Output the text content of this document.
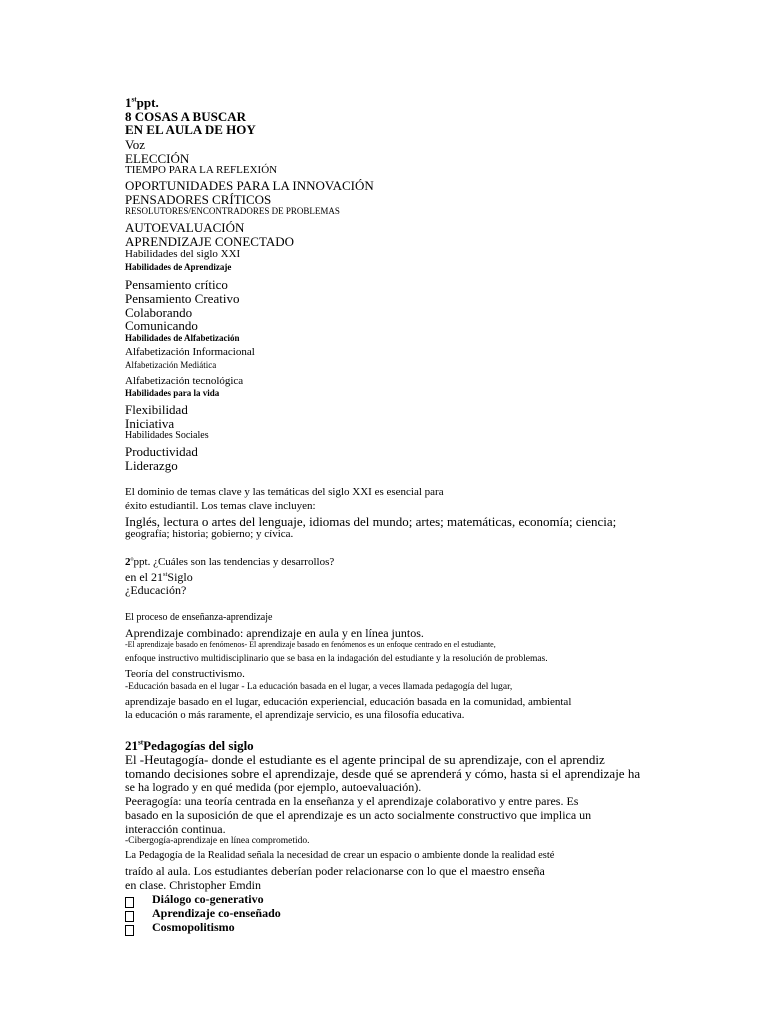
1stppt.
8 COSAS A BUSCAR
EN EL AULA DE HOY
Voz
ELECCIÓN
TIEMPO PARA LA REFLEXIÓN
OPORTUNIDADES PARA LA INNOVACIÓN
PENSADORES CRÍTICOS
RESOLUTORES/ENCONTRADORES DE PROBLEMAS
AUTOEVALUACIÓN
APRENDIZAJE CONECTADO
Habilidades del siglo XXI
Habilidades de Aprendizaje
Pensamiento crítico
Pensamiento Creativo
Colaborando
Comunicando
Habilidades de Alfabetización
Alfabetización Informacional
Alfabetización Mediática
Alfabetización tecnológica
Habilidades para la vida
Flexibilidad
Iniciativa
Habilidades Sociales
Productividad
Liderazgo
El dominio de temas clave y las temáticas del siglo XXI es esencial para
éxito estudiantil. Los temas clave incluyen:
Inglés, lectura o artes del lenguaje, idiomas del mundo; artes; matemáticas, economía; ciencia;
geografía; historia; gobierno; y cívica.
2$^o$ppt. ¿Cuáles son las tendencias y desarrollos?
en el 21stSiglo
¿Educación?
El proceso de enseñanza-aprendizaje
Aprendizaje combinado: aprendizaje en aula y en línea juntos.
-El aprendizaje basado en fenómenos- El aprendizaje basado en fenómenos es un enfoque centrado en el estudiante,
enfoque instructivo multidisciplinario que se basa en la indagación del estudiante y la resolución de problemas.
Teoría del constructivismo.
-Educación basada en el lugar - La educación basada en el lugar, a veces llamada pedagogía del lugar,
aprendizaje basado en el lugar, educación experiencial, educación basada en la comunidad, ambiental
la educación o más raramente, el aprendizaje servicio, es una filosofía educativa.
21stPedagogías del siglo
El -Heutagogía- donde el estudiante es el agente principal de su aprendizaje, con el aprendiz
tomando decisiones sobre el aprendizaje, desde qué se aprenderá y cómo, hasta si el aprendizaje ha
se ha logrado y en qué medida (por ejemplo, autoevaluación).
Peeragogía: una teoría centrada en la enseñanza y el aprendizaje colaborativo y entre pares. Es
basado en la suposición de que el aprendizaje es un acto socialmente constructivo que implica un
interacción continua.
-Cibergogía-aprendizaje en línea comprometido.
La Pedagogía de la Realidad señala la necesidad de crear un espacio o ambiente donde la realidad esté
traído al aula. Los estudiantes deberían poder relacionarse con lo que el maestro enseña
en clase. Christopher Emdin
Diálogo co-generativo
Aprendizaje co-enseñado
Cosmopolitismo
